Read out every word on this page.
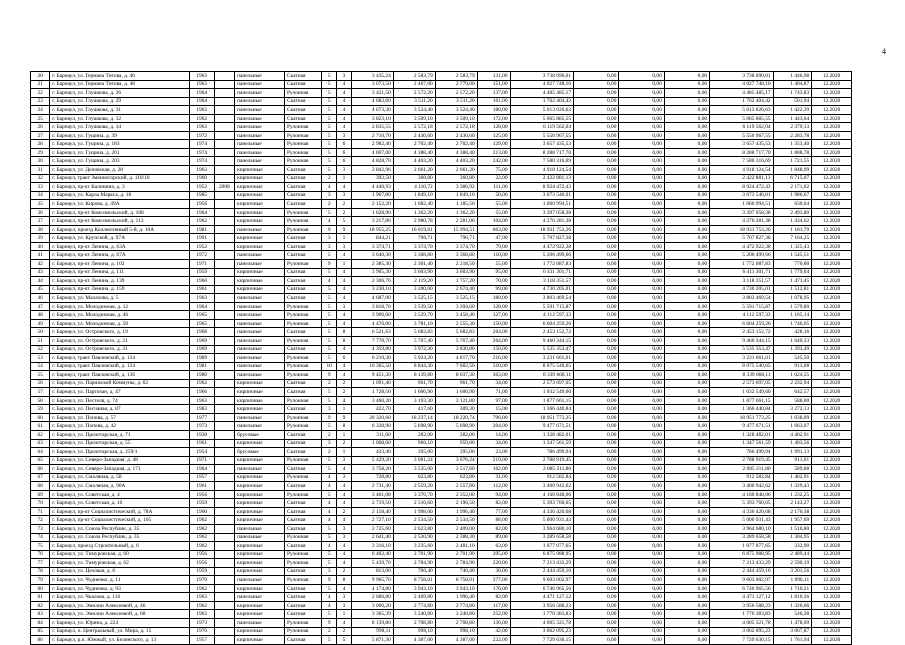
4
20	г. Барнаул, ул. Германа Титова, д. 46	1963		панельные	Скатная	5	3	3 435,24	2 583,79	2 583,79	131,00	3 738 690,01	0,00	0,00	0,00	3 738 690,01	1 446,98	12.2020
21	г. Барнаул, ул. Германа Титова, д. 48	1963		панельные	Скатная	5	4	3 073,50	2 467,00	2 779,00	151,00	4 027 748,10	0,00	0,00	0,00	4 027 748,10	1 404,87	12.2020
22	г. Барнаул, ул. Глушкова, д. 26	1964		панельные	Рулонная	5	4	3 421,50	2 572,20	2 572,20	137,00	4 485 485,17	0,00	0,00	0,00	4 485 485,17	1 743,83	12.2020
23	г. Барнаул, ул. Глушкова, д. 29	1964		панельные	Скатная	5	4	4 682,60	3 511,20	3 511,20	161,00	1 762 404,42	0,00	0,00	0,00	1 762 404,42	501,94	12.2020
24	г. Барнаул, ул. Глушкова, д. 31	1963		панельные	Скатная	5	4	4 673,30	3 524,40	3 524,40	180,00	5 013 026,63	0,00	0,00	0,00	5 013 026,63	1 422,39	12.2020
25	г. Барнаул, ул. Глушкова, д. 32	1962		панельные	Скатная	5	4	3 823,10	3 509,10	3 509,10	172,00	5 065 885,55	0,00	0,00	0,00	5 065 885,55	1 443,64	12.2020
26	г. Барнаул, ул. Глушкова, д. 34	1963		панельные	Рулонная	5	4	2 835,55	2 572,18	2 572,18	128,00	6 119 562,04	0,00	0,00	0,00	6 119 562,04	2 379,13	12.2020
27	г. Барнаул, ул. Гущина, д. 39	1972		панельные	Рулонная	5	3	2 710,70	2 430,60	2 430,60	125,00	5 550 967,55	0,00	0,00	0,00	5 550 967,55	2 283,78	12.2020
28	г. Барнаул, ул. Гущина, д. 183	1974		панельные	Рулонная	5	6	2 982,40	2 702,40	2 702,40	129,00	3 657 435,53	0,00	0,00	0,00	3 657 435,53	1 353,40	12.2020
29	г. Барнаул, ул. Гущина, д. 201	1974		панельные	Рулонная	5	6	4 807,00	4 388,40	4 388,40	213,00	8 288 717,70	0,00	0,00	0,00	8 288 717,70	1 888,78	12.2020
30	г. Барнаул, ул. Гущина, д. 203	1974		панельные	Рулонная	5	6	4 828,70	4 403,20	4 403,20	242,00	7 580 316,69	0,00	0,00	0,00	7 580 316,69	1 721,55	12.2020
31	г. Барнаул, ул. Деповская, д. 28	1963		кирпичные	Скатная	5	3	2 842,96	2 661,20	2 661,20	75,00	4 918 124,54	0,00	0,00	0,00	4 918 124,54	1 848,09	12.2020
32	г. Барнаул, тракт Змеиногорский, д. 110/10	1960		кирпичные	Скатная	2	1	392,50	360,80	360,80	22,00	2 422 881,13	0,00	0,00	0,00	2 422 881,13	6 715,07	12.2020
33	г. Барнаул, пр-кт Калинина, д. 3	1952	2008	кирпичные	Скатная	4	4	4 440,93	4 110,72	3 386,92	111,00	8 924 472,43	0,00	0,00	0,00	8 924 472,43	2 171,02	12.2020
34	г. Барнаул, ул. Карла Маркса, д. 18	1985		кирпичные	Скатная	3	3	1 967,80	1 849,10	1 849,10	58,00	3 673 546,01	0,00	0,00	0,00	3 673 546,01	1 986,67	12.2020
35	г. Барнаул, ул. Кирова, д. 49А	1956		кирпичные	Скатная	2	2	2 152,20	1 682,40	1 185,50	55,00	1 060 994,51	0,00	0,00	0,00	1 060 994,51	630,64	12.2020
36	г. Барнаул, пр-кт Комсомольский, д. 108	1964		кирпичные	Рулонная	5	2	1 628,90	1 362,20	1 362,20	55,00	3 397 058,38	0,00	0,00	0,00	3 397 058,38	2 493,80	12.2020
37	г. Барнаул, пр-кт Комсомольский, д. 112	1962		кирпичные	Рулонная	4	5	3 217,86	2 980,78	2 281,06	104,00	4 276 281,38	0,00	0,00	0,00	4 276 281,38	1 434,62	12.2020
38	г. Барнаул, проезд Коллективный 5-й, д. 10А	1981		панельные	Рулонная	9	9	18 955,25	16 019,61	15 994,51	663,00	18 931 753,26	0,00	0,00	0,00	18 931 753,26	1 181,79	12.2020
39	г. Барнаул, ул. Крупской, д. 97А	1991		кирпичные	Скатная	3	1	844,21	796,71	796,71	47,00	5 707 827,38	0,00	0,00	0,00	5 707 827,38	7 164,25	12.2020
40	г. Барнаул, пр-кт Ленина, д. 63А	1952		кирпичные	Скатная	3	3	3 374,71	3 374,70	3 374,70	79,00	4 472 922,38	0,00	0,00	0,00	4 472 922,38	1 325,43	12.2020
41	г. Барнаул, пр-кт Ленина, д. 67А	1972		панельные	Скатная	5	4	3 640,30	3 368,80	3 368,80	110,00	5 206 499,66	0,00	0,00	0,00	5 206 499,66	1 545,51	12.2020
42	г. Барнаул, пр-кт Ленина, д. 102	1971		панельные	Рулонная	9	1	2 385,30	2 301,40	2 218,50	55,00	1 772 087,83	0,00	0,00	0,00	1 772 087,83	770,00	12.2020
43	г. Барнаул, пр-кт Ленина, д. 111	1959		кирпичные	Скатная	5	4	3 905,30	3 603,90	3 603,90	95,00	6 411 301,71	0,00	0,00	0,00	6 411 301,71	1 779,04	12.2020
44	г. Барнаул, пр-кт Ленина, д. 139	1960		кирпичные	Скатная	4	4	2 306,76	2 119,20	1 757,20	70,00	3 118 351,57	0,00	0,00	0,00	3 118 351,57	1 471,45	12.2020
45	г. Барнаул, пр-кт Ленина, д. 159	1961		кирпичные	Скатная	5	4	3 230,10	3 200,00	2 674,40	99,00	4 730 205,01	0,00	0,00	0,00	4 730 205,01	1 512,81	12.2020
46	г. Барнаул, ул. Малахова, д. 5	1963		панельные	Скатная	5	4	4 687,00	3 525,15	3 525,15	180,00	3 803 469,54	0,00	0,00	0,00	3 803 469,54	1 078,95	12.2020
47	г. Барнаул, ул. Молодежная, д. 12	1964		панельные	Рулонная	5	3	3 818,70	3 539,50	3 394,60	128,00	5 591 715,87	0,00	0,00	0,00	5 591 715,87	1 579,80	12.2020
48	г. Барнаул, ул. Молодежная, д. 46	1965		панельные	Рулонная	5	4	3 906,60	3 529,70	3 458,40	127,00	4 112 597,33	0,00	0,00	0,00	4 112 597,33	1 165,14	12.2020
49	г. Барнаул, ул. Молодежная, д. 50	1965		панельные	Рулонная	5	4	4 476,00	3 781,10	2 555,30	150,00	6 604 259,26	0,00	0,00	0,00	6 604 259,26	1 746,65	12.2020
50	г. Барнаул, ул. Островского, д. 19	1968		панельные	Скатная	5	8	6 521,63	5 682,83	5 682,83	264,00	2 453 152,72	0,00	0,00	0,00	2 453 152,72	428,16	12.2020
51	г. Барнаул, ул. Островского, д. 21	1969		панельные	Рулонная	5	8	7 778,70	5 767,40	5 767,40	264,00	9 460 344,15	0,00	0,00	0,00	9 460 344,15	1 640,33	12.2020
52	г. Барнаул, ул. Островского, д. 31	1969		панельные	Скатная	5	4	4 359,80	3 972,30	3 830,80	156,00	5 535 353,47	0,00	0,00	0,00	5 535 353,47	1 393,49	12.2020
53	г. Барнаул, тракт Павловский, д. 134	1989		панельные	Рулонная	5	6	6 210,30	5 924,20	4 817,70	216,00	3 231 661,01	0,00	0,00	0,00	3 231 661,01	545,50	12.2020
54	г. Барнаул, тракт Павловский, д. 134	1981		панельные	Рулонная	10	4	10 365,50	8 844,30	7 602,50	310,00	8 075 540,65	0,00	0,00	0,00	8 075 540,65	913,08	12.2020
55	г. Барнаул, тракт Павловский, д. 136	1980		панельные	Рулонная	9	4	9 451,30	8 139,80	8 037,30	363,00	8 339 668,11	0,00	0,00	0,00	8 339 668,11	1 024,55	12.2020
56	г. Барнаул, ул. Парижской Коммуны, д. 62	1962		кирпичные	Скатная	2	2	1 091,40	961,70	961,70	34,00	2 573 697,05	0,00	0,00	0,00	2 573 697,05	2 232,94	12.2020
57	г. Барнаул, ул. Партизан, д. 47	1966		кирпичные	Скатная	5	2	1 728,50	1 606,90	1 606,90	71,00	1 032 549,60	0,00	0,00	0,00	1 032 549,60	642,57	12.2020
58	г. Барнаул, ул. Пестеля, д. 74	1963		кирпичные	Рулонная	5	4	3 460,20	3 193,30	3 121,80	97,00	1 877 661,15	0,00	0,00	0,00	1 877 661,15	588,00	12.2020
59	г. Барнаул, ул. Песчаная, д. 87	1983		кирпичные	Скатная	3	1	422,70	417,60	309,30	15,00	1 366 440,84	0,00	0,00	0,00	1 366 440,84	3 272,13	12.2020
60	г. Барнаул, ул. Попова, д. 57	1977		панельные	Рулонная	9	9	20 320,60	18 237,14	18 220,74	796,00	18 951 773,25	0,00	0,00	0,00	18 951 773,25	1 038,09	12.2020
61	г. Барнаул, ул. Попова, д. 42	1973		панельные	Рулонная	5	8	6 328,90	5 698,90	5 698,90	204,00	9 477 671,51	0,00	0,00	0,00	9 477 671,51	1 663,07	12.2020
62	г. Барнаул, ул. Пролетарская, д. 71	1938		брусовые	Скатная	2	1	311,60	282,00	282,00	14,00	1 328 482,01	0,00	0,00	0,00	1 328 482,01	4 402,91	12.2020
63	г. Барнаул, ул. Пролетарская, д. 55	1961		кирпичные	Скатная	3	2	1 068,60	960,10	959,80	34,00	1 347 561,59	0,00	0,00	0,00	1 347 561,59	1 403,56	12.2020
64	г. Барнаул, ул. Пролетарская, д. 259/1	1954		брусовые	Скатная	2	1	433,40	395,00	395,00	23,00	786 499,94	0,00	0,00	0,00	786 499,94	1 991,13	12.2020
65	г. Барнаул, ул. Северо-Западная, д. 48	1971		кирпичные	Рулонная	5	3	5 429,20	3 081,24	3 076,24	219,00	2 788 919,45	0,00	0,00	0,00	2 788 919,45	911,01	12.2020
66	г. Барнаул, ул. Северо-Западная, д. 171	1964		панельные	Скатная	5	4	3 758,20	3 535,00	3 517,60	162,00	2 085 211,80	0,00	0,00	0,00	2 085 211,80	589,88	12.2020
67	г. Барнаул, ул. Смоляная, д. 58	1957		кирпичные	Рулонная	4	3	728,80	623,80	623,80	31,00	912 582,84	0,00	0,00	0,00	912 582,84	1 462,91	12.2020
68	г. Барнаул, ул. Смоляная, д. 90А	1961		кирпичные	Скатная	4	4	2 731,40	2 559,20	2 557,80	112,00	3 400 942,62	0,00	0,00	0,00	3 400 942,62	1 329,43	12.2020
69	г. Барнаул, ул. Советская, д. 4	1956		кирпичные	Рулонная	5	4	3 461,08	3 376,70	2 352,00	94,00	4 160 848,06	0,00	0,00	0,00	4 160 848,06	1 232,25	12.2020
70	г. Барнаул, ул. Советская, д. 10	1959		кирпичные	Скатная	4	4	2 719,50	2 516,60	2 196,50	82,00	5 393 760,65	0,00	0,00	0,00	5 393 760,65	2 143,27	12.2020
71	г. Барнаул, пр-кт Социалистический, д. 78А	1960		кирпичные	Скатная	4	2	2 158,40	1 998,00	1 996,40	77,00	4 336 420,68	0,00	0,00	0,00	4 336 420,68	2 170,38	12.2020
72	г. Барнаул, пр-кт Социалистический, д. 105	1962		кирпичные	Скатная	4	4	2 727,10	2 534,50	2 534,50	88,00	5 000 931,43	0,00	0,00	0,00	5 000 931,43	1 957,69	12.2020
73	г. Барнаул, ул. Союза Республик, д. 35	1962		панельные	Скатная	5	3	2 725,60	2 623,80	2 409,00	82,00	3 964 680,10	0,00	0,00	0,00	3 964 680,10	1 510,80	12.2020
74	г. Барнаул, ул. Союза Республик, д. 35	1962		панельные	Рулонная	5	3	2 641,40	2 520,90	2 388,30	89,00	3 289 658,58	0,00	0,00	0,00	3 289 658,58	1 304,95	12.2020
75	г. Барнаул, проезд Строительный, д. 6	1962		кирпичные	Скатная	4	4	3 316,10	3 235,60	2 481,10	63,00	1 077 077,65	0,00	0,00	0,00	1 077 077,65	332,90	12.2020
76	г. Барнаул, ул. Тимуровская, д. 60	1956		кирпичные	Рулонная	5	4	6 462,40	2 701,90	2 701,90	205,00	6 875 988,95	0,00	0,00	0,00	6 875 988,95	2 489,44	12.2020
77	г. Барнаул, ул. Тимуровская, д. 62	1956		кирпичные	Рулонная	5	4	5 439,70	2 784,90	2 784,90	220,00	7 213 433,29	0,00	0,00	0,00	7 213 433,29	2 590,19	12.2020
78	г. Барнаул, ул. Цеховая, д. 6	1959		кирпичные	Скатная	3	2	813,00	760,40	740,40	38,00	2 444 459,10	0,00	0,00	0,00	2 444 459,10	3 201,56	12.2020
79	г. Барнаул, ул. Чудненко, д. 11	1970		панельные	Рулонная	9	8	9 965,70	8 758,01	8 758,01	377,00	9 603 002,97	0,00	0,00	0,00	9 603 002,97	1 096,11	12.2020
80	г. Барнаул, ул. Чудненко, д. 93	1962		кирпичные	Скатная	5	4	4 174,80	3 943,10	3 943,10	176,00	6 746 965,56	0,00	0,00	0,00	6 746 965,56	1 710,21	12.2020
81	г. Барнаул, ул. Чкалова, д. 116	1963		панельные	Скатная	4	3	2 686,80	2 469,80	1 996,40	82,00	4 471 127,12	0,00	0,00	0,00	4 471 127,12	1 810,36	12.2020
82	г. Барнаул, ул. Эмилии Алексеевой, д. 46	1962		кирпичные	Скатная	4	3	3 006,20	2 774,80	2 774,80	117,00	3 956 588,23	0,00	0,00	0,00	3 956 588,23	1 326,66	12.2020
83	г. Барнаул, ул. Эмилии Алексеевой, д. 68	1963		кирпичные	Скатная	5	1	3 365,39	3 240,80	3 240,80	252,00	1 770 383,83	0,00	0,00	0,00	1 770 383,83	546,28	12.2020
84	г. Барнаул, ул. Юрина, д. 224	1973		панельные	Рулонная	9	4	8 139,80	2 708,80	2 708,80	136,00	4 005 321,78	0,00	0,00	0,00	4 005 321,78	1 478,69	12.2020
85	г. Барнаул, п. Центральный, ул. Мира, д. 15	1976		кирпичные	Рулонная	2	2	998,11	998,10	998,10	42,00	3 062 095,23	0,00	0,00	0,00	3 062 095,23	3 067,87	12.2020
86	г. Барнаул, р.п. Южный, ул. Белинского, д. 13	1957		кирпичные	Скатная	5	5	5 871,30	4 387,00	4 387,00	222,00	7 729 630,15	0,00	0,00	0,00	7 729 630,15	1 761,94	12.2020
